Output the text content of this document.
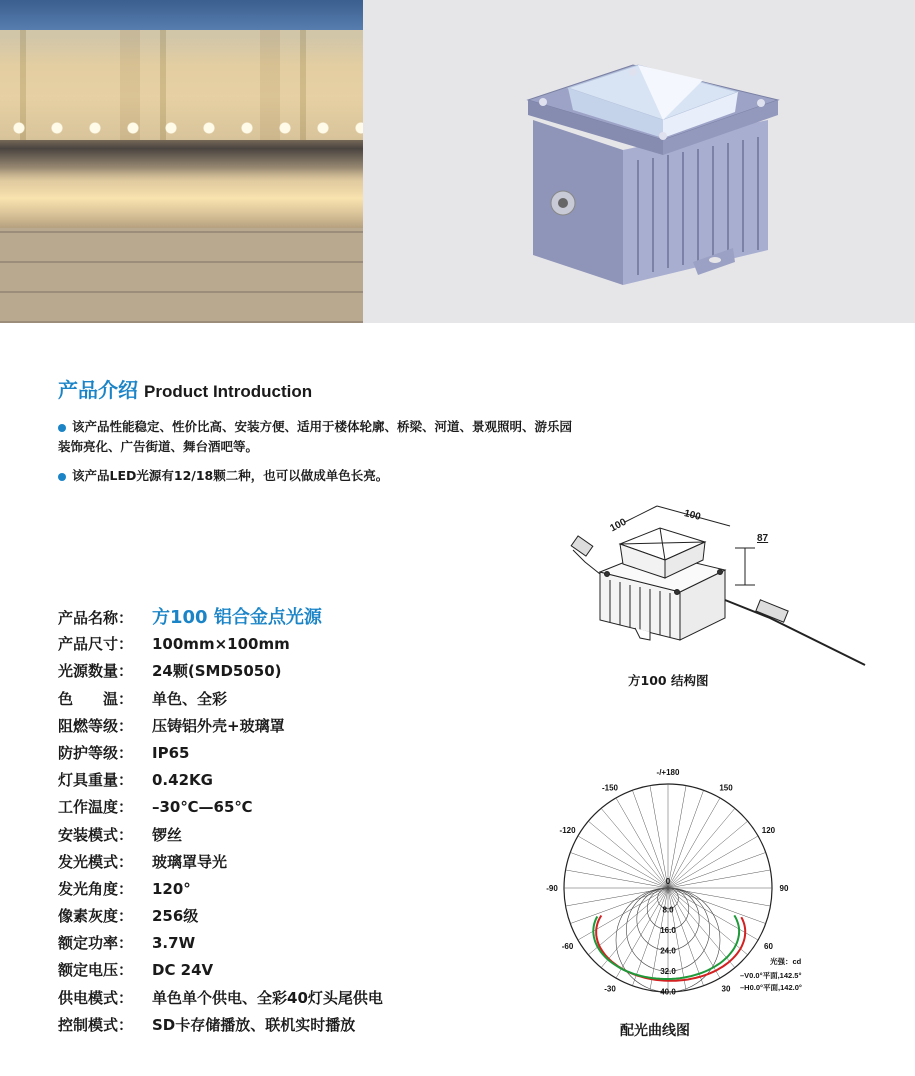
产品介绍 Product Introduction
该产品性能稳定、性价比高、安装方便、适用于楼体轮廓、桥梁、河道、景观照明、游乐园装饰亮化、广告街道、舞台酒吧等。
该产品LED光源有12/18颗二种，也可以做成单色长亮。
产品名称： 方100 铝合金点光源
产品尺寸： 100mm×100mm
光源数量： 24颗(SMD5050)
色　　温： 单色、全彩
阻燃等级： 压铸铝外壳+玻璃罩
防护等级： IP65
灯具重量： 0.42KG
工作温度： –30℃—65℃
安装模式： 锣丝
发光模式： 玻璃罩导光
发光角度： 120°
像素灰度： 256级
额定功率： 3.7W
额定电压： DC 24V
供电模式： 单色单个供电、全彩40灯头尾供电
控制模式： SD卡存储播放、联机实时播放
100
100
87
方100 结构图
-/+180
-150	150
-120	120
-90	90
-60	60
-30	30
0
8.0
16.0
24.0
32.0
40.0
光强：cd
–V0.0°平面,142.5°
–H0.0°平面,142.0°
配光曲线图
